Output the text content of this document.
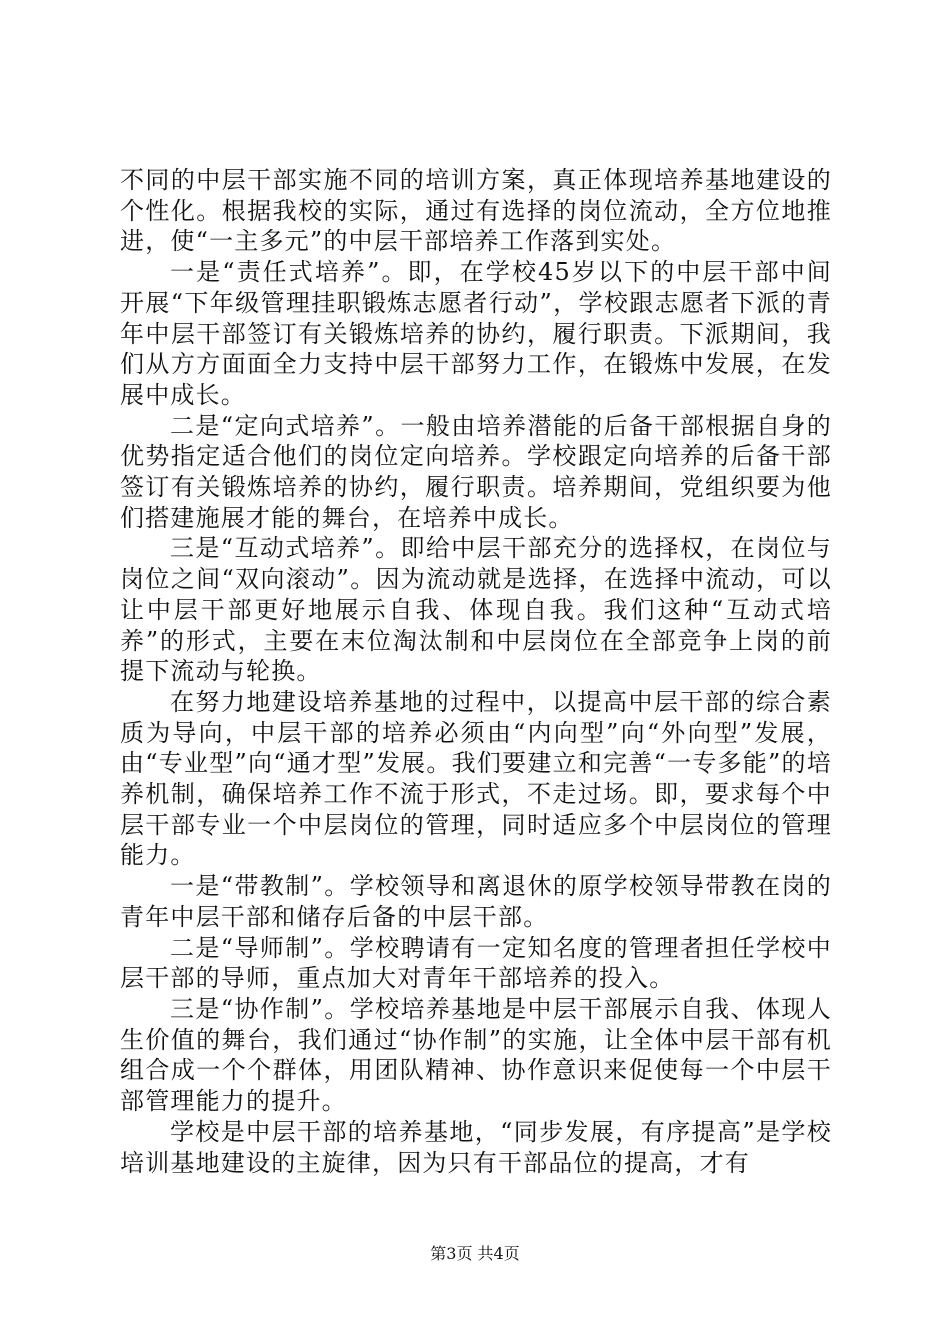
不同的中层干部实施不同的培训方案，真正体现培养基地建设的个性化。根据我校的实际，通过有选择的岗位流动，全方位地推进，使“一主多元”的中层干部培养工作落到实处。

一是“责任式培养”。即，在学校45岁以下的中层干部中间开展“下年级管理挂职锻炼志愿者行动”，学校跟志愿者下派的青年中层干部签订有关锻炼培养的协约，履行职责。下派期间，我们从方方面面全力支持中层干部努力工作，在锻炼中发展，在发展中成长。

二是“定向式培养”。一般由培养潜能的后备干部根据自身的优势指定适合他们的岗位定向培养。学校跟定向培养的后备干部签订有关锻炼培养的协约，履行职责。培养期间，党组织要为他们搭建施展才能的舞台，在培养中成长。

三是“互动式培养”。即给中层干部充分的选择权，在岗位与岗位之间“双向滚动”。因为流动就是选择，在选择中流动，可以让中层干部更好地展示自我、体现自我。我们这种“互动式培养”的形式，主要在末位淘汰制和中层岗位在全部竞争上岗的前提下流动与轮换。

在努力地建设培养基地的过程中，以提高中层干部的综合素质为导向，中层干部的培养必须由“内向型”向“外向型”发展，由“专业型”向“通才型”发展。我们要建立和完善“一专多能”的培养机制，确保培养工作不流于形式，不走过场。即，要求每个中层干部专业一个中层岗位的管理，同时适应多个中层岗位的管理能力。

一是“带教制”。学校领导和离退休的原学校领导带教在岗的青年中层干部和储存后备的中层干部。

二是“导师制”。学校聘请有一定知名度的管理者担任学校中层干部的导师，重点加大对青年干部培养的投入。

三是“协作制”。学校培养基地是中层干部展示自我、体现人生价值的舞台，我们通过“协作制”的实施，让全体中层干部有机组合成一个个群体，用团队精神、协作意识来促使每一个中层干部管理能力的提升。

学校是中层干部的培养基地，“同步发展，有序提高”是学校培训基地建设的主旋律，因为只有干部品位的提高，才有

第3页 共4页
